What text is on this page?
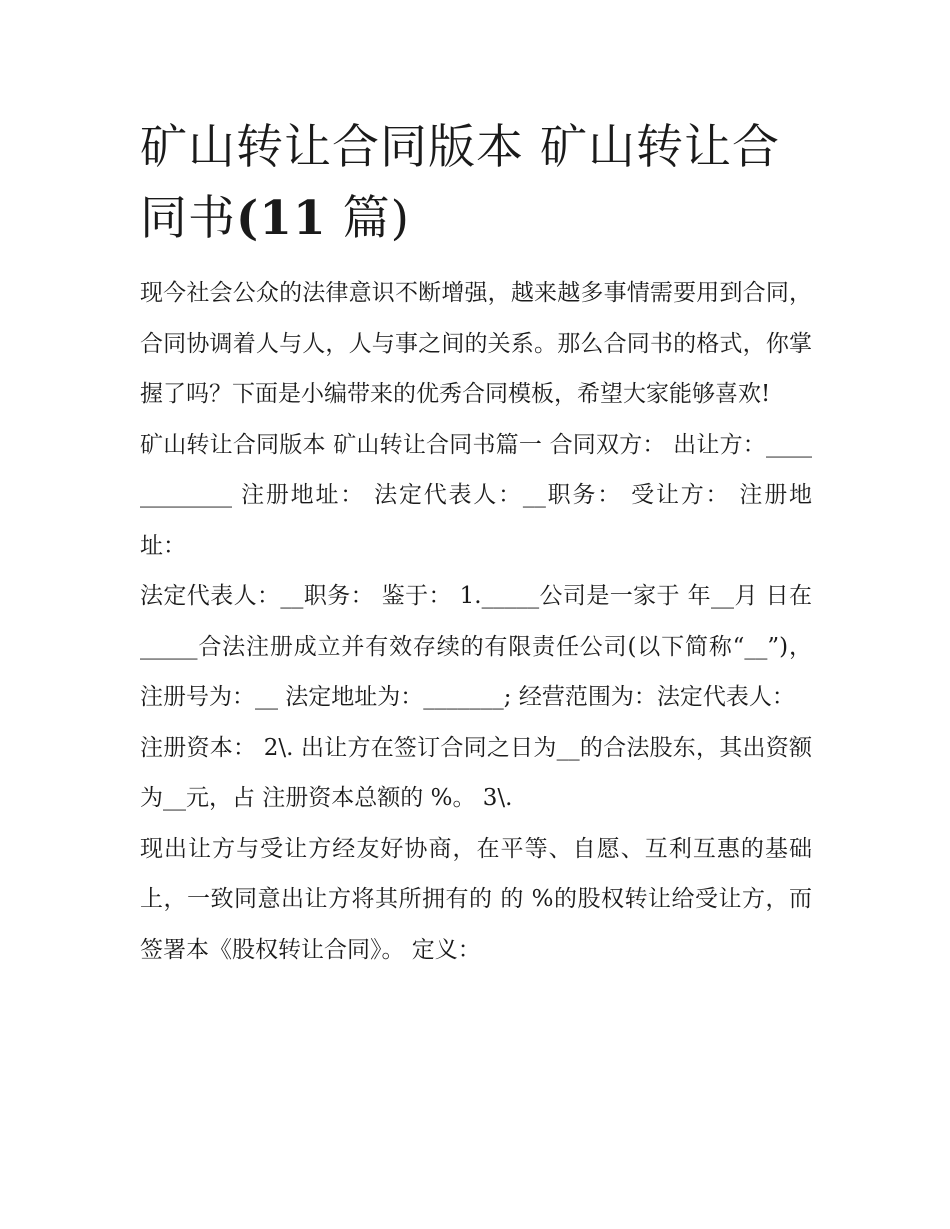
矿山转让合同版本 矿山转让合同书(11 篇)

现今社会公众的法律意识不断增强，越来越多事情需要用到合同，合同协调着人与人，人与事之间的关系。那么合同书的格式，你掌握了吗？下面是小编带来的优秀合同模板，希望大家能够喜欢!

矿山转让合同版本 矿山转让合同书篇一 合同双方： 出让方：____________ 注册地址： 法定代表人：__职务： 受让方： 注册地址：

法定代表人：__职务： 鉴于： 1._____公司是一家于 年__月 日在_____合法注册成立并有效存续的有限责任公司(以下简称“__”)，注册号为：__ 法定地址为：_______; 经营范围为：法定代表人：

注册资本： 2\. 出让方在签订合同之日为__的合法股东，其出资额为__元，占 注册资本总额的 %。 3\.

现出让方与受让方经友好协商，在平等、自愿、互利互惠的基础上，一致同意出让方将其所拥有的 的 %的股权转让给受让方，而签署本《股权转让合同》。 定义：
